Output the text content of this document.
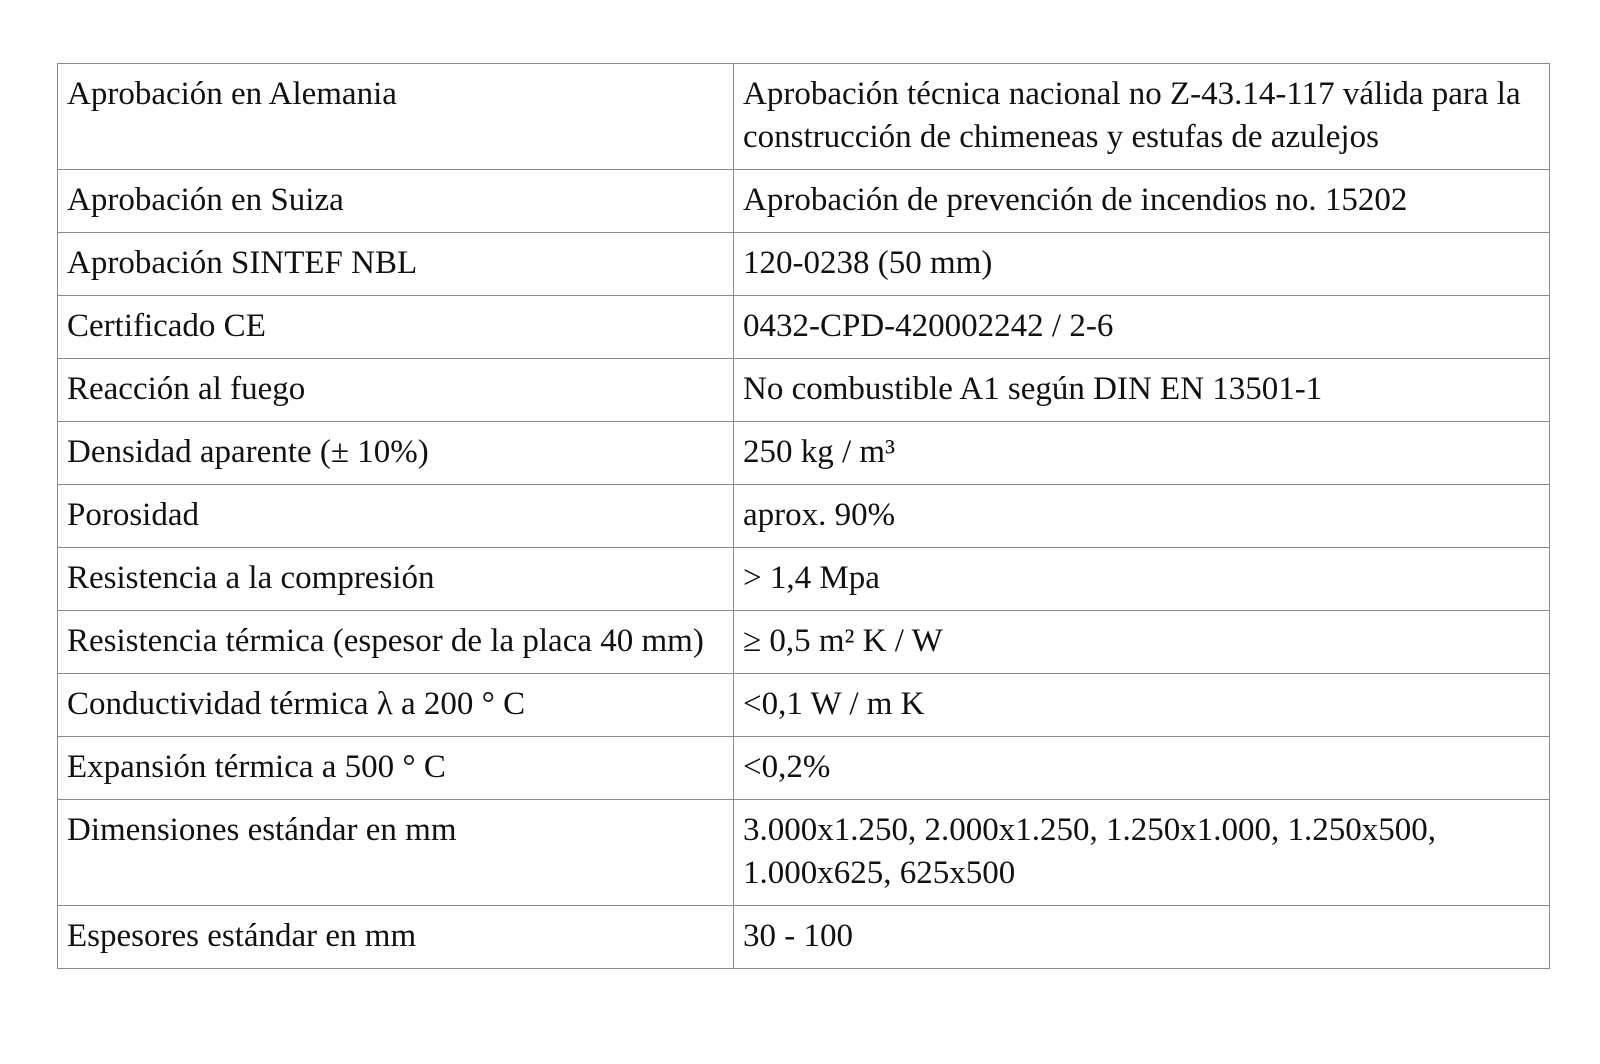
Aprobación en Alemania	Aprobación técnica nacional no Z-43.14-117 válida para la construcción de chimeneas y estufas de azulejos
Aprobación en Suiza	Aprobación de prevención de incendios no. 15202
Aprobación SINTEF NBL	120-0238 (50 mm)
Certificado CE	0432-CPD-420002242 / 2-6
Reacción al fuego	No combustible A1 según DIN EN 13501-1
Densidad aparente (± 10%)	250 kg / m³
Porosidad	aprox. 90%
Resistencia a la compresión	> 1,4 Mpa
Resistencia térmica (espesor de la placa 40 mm)	≥ 0,5 m² K / W
Conductividad térmica λ a 200 ° C	<0,1 W / m K
Expansión térmica a 500 ° C	<0,2%
Dimensiones estándar en mm	3.000x1.250, 2.000x1.250, 1.250x1.000, 1.250x500, 1.000x625, 625x500
Espesores estándar en mm	30 - 100
